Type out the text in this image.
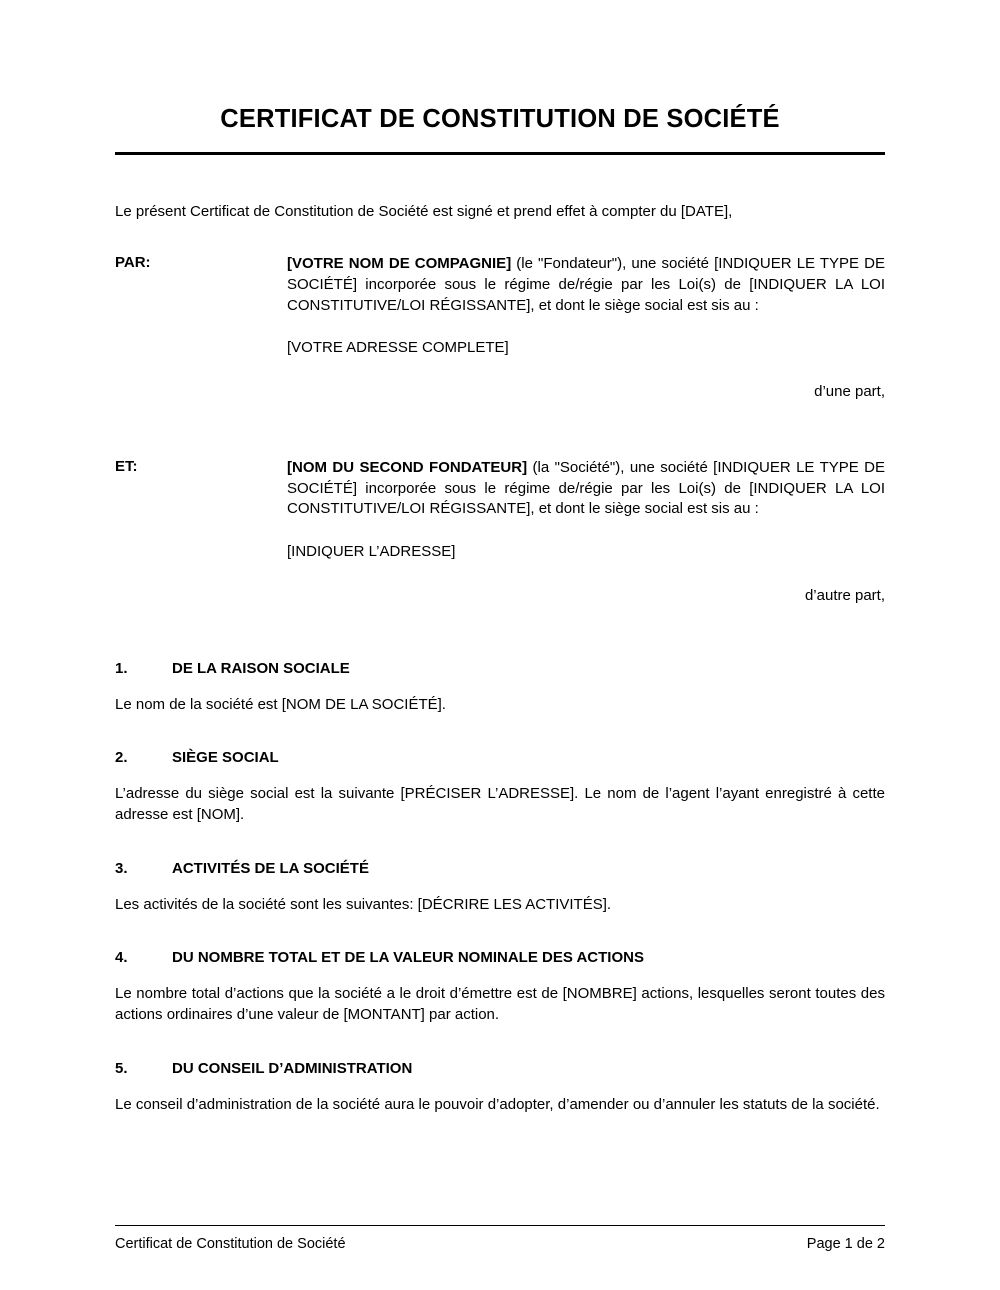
CERTIFICAT DE CONSTITUTION DE SOCIÉTÉ

Le présent Certificat de Constitution de Société est signé et prend effet à compter du [DATE],

PAR:	[VOTRE NOM DE COMPAGNIE] (le "Fondateur"), une société [INDIQUER LE TYPE DE SOCIÉTÉ] incorporée sous le régime de/régie par les Loi(s) de [INDIQUER LA LOI CONSTITUTIVE/LOI RÉGISSANTE], et dont le siège social est sis au :
[VOTRE ADRESSE COMPLETE]
d’une part,
ET:	[NOM DU SECOND FONDATEUR] (la "Société"), une société [INDIQUER LE TYPE DE SOCIÉTÉ] incorporée sous le régime de/régie par les Loi(s) de [INDIQUER LA LOI CONSTITUTIVE/LOI RÉGISSANTE], et dont le siège social est sis au :
[INDIQUER L’ADRESSE]
d’autre part,
1.	DE LA RAISON SOCIALE
Le nom de la société est [NOM DE LA SOCIÉTÉ].
2.	SIÈGE SOCIAL
L’adresse du siège social est la suivante [PRÉCISER L’ADRESSE]. Le nom de l’agent l’ayant enregistré à cette adresse est [NOM].
3.	ACTIVITÉS DE LA SOCIÉTÉ
Les activités de la société sont les suivantes: [DÉCRIRE LES ACTIVITÉS].
4.	DU NOMBRE TOTAL ET DE LA VALEUR NOMINALE DES ACTIONS
Le nombre total d’actions que la société a le droit d’émettre est de [NOMBRE] actions, lesquelles seront toutes des actions ordinaires d’une valeur de [MONTANT] par action.
5.	DU CONSEIL D’ADMINISTRATION
Le conseil d’administration de la société aura le pouvoir d’adopter, d’amender ou d’annuler les statuts de la société.
Certificat de Constitution de Société	Page 1 de 2
